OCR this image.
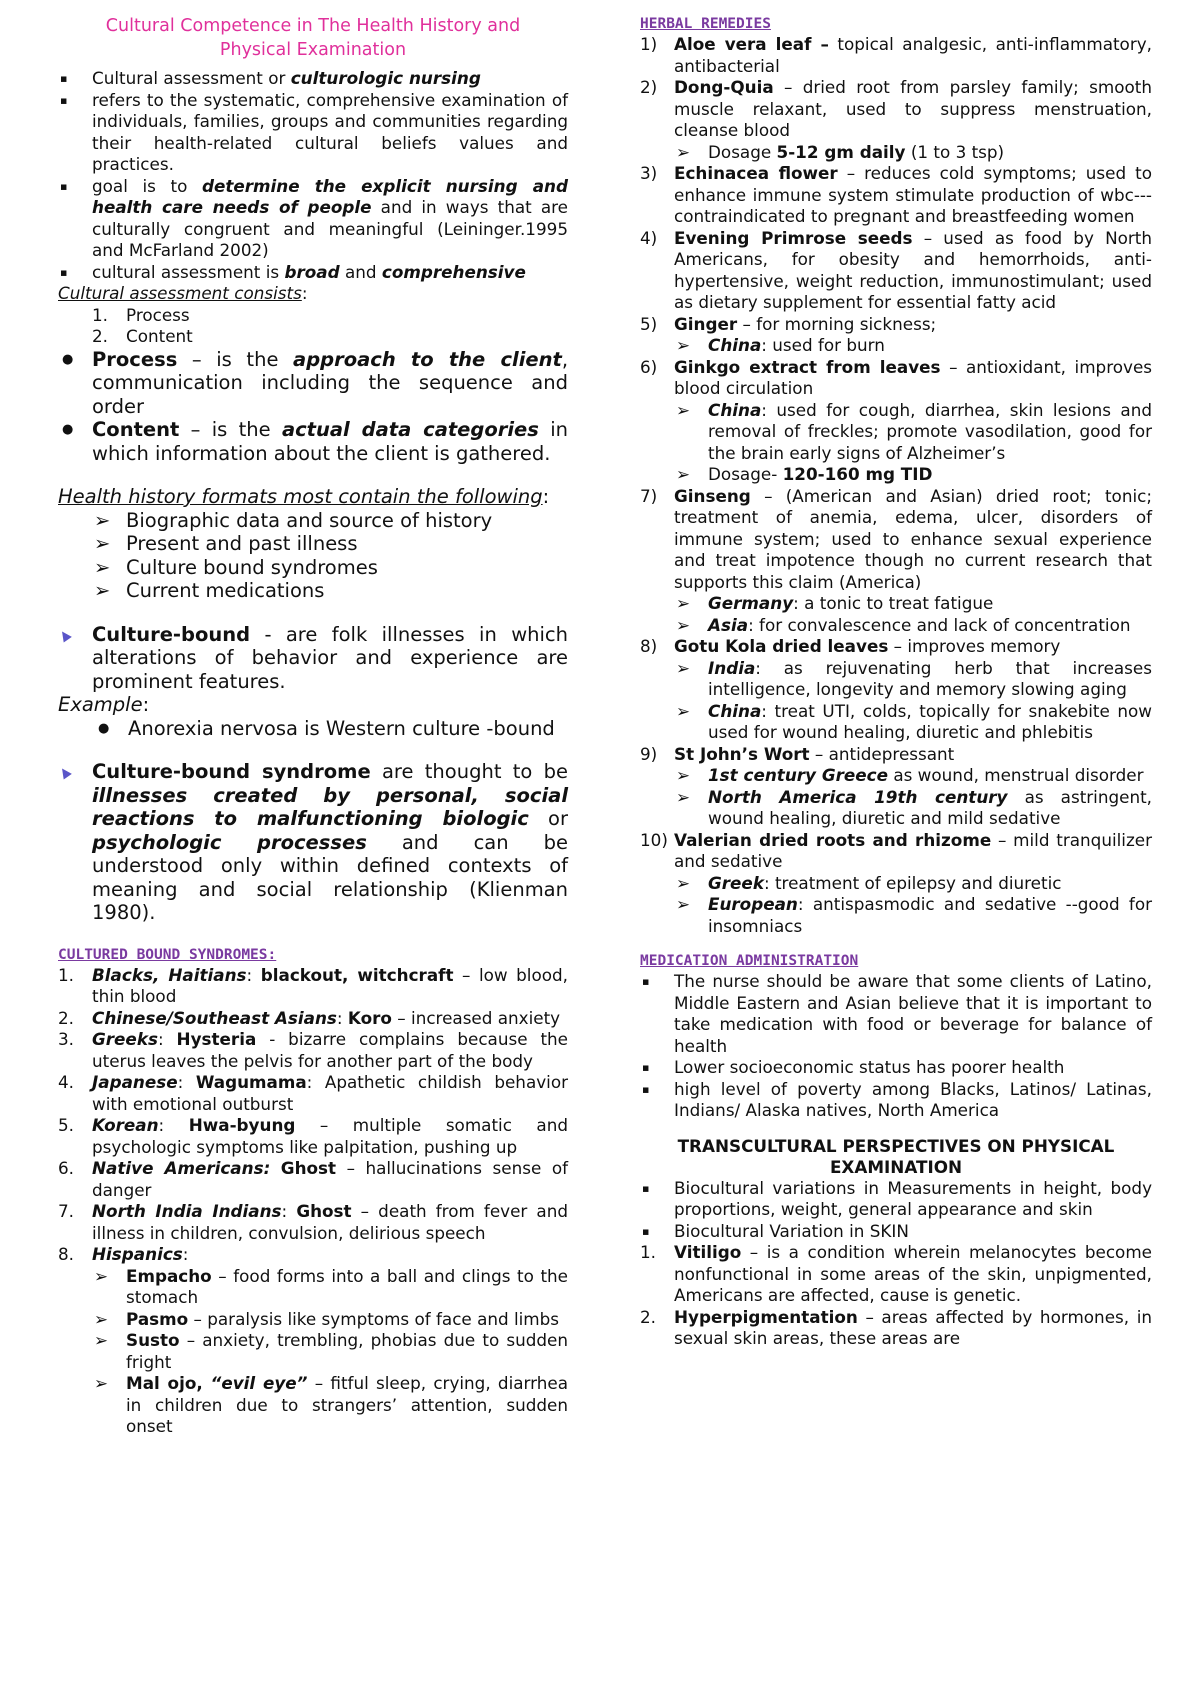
Cultural Competence in The Health History and
Physical Examination

▪ Cultural assessment or culturologic nursing
▪ refers to the systematic, comprehensive examination of individuals, families, groups and communities regarding their health-related cultural beliefs values and practices.
▪ goal is to determine the explicit nursing and health care needs of people and in ways that are culturally congruent and meaningful (Leininger.1995 and McFarland 2002)
▪ cultural assessment is broad and comprehensive

Cultural assessment consists:

1. Process
2. Content
● Process – is the approach to the client, communication including the sequence and order
● Content – is the actual data categories in which information about the client is gathered.

Health history formats most contain the following:

➢ Biographic data and source of history
➢ Present and past illness
➢ Culture bound syndromes
➢ Current medications
▲ Culture-bound - are folk illnesses in which alterations of behavior and experience are prominent features.

Example:

● Anorexia nervosa is Western culture -bound
▲ Culture-bound syndrome are thought to be illnesses created by personal, social reactions to malfunctioning biologic or psychologic processes and can be understood only within defined contexts of meaning and social relationship (Klienman 1980).

CULTURED BOUND SYNDROMES:

1. Blacks, Haitians: blackout, witchcraft – low blood, thin blood
2. Chinese/Southeast Asians: Koro – increased anxiety
3. Greeks: Hysteria - bizarre complains because the uterus leaves the pelvis for another part of the body
4. Japanese: Wagumama: Apathetic childish behavior with emotional outburst
5. Korean: Hwa-byung – multiple somatic and psychologic symptoms like palpitation, pushing up
6. Native Americans: Ghost – hallucinations sense of danger
7. North India Indians: Ghost – death from fever and illness in children, convulsion, delirious speech
8. Hispanics:
➢ Empacho – food forms into a ball and clings to the stomach
➢ Pasmo – paralysis like symptoms of face and limbs
➢ Susto – anxiety, trembling, phobias due to sudden fright
➢ Mal ojo, “evil eye” – fitful sleep, crying, diarrhea in children due to strangers’ attention, sudden onset

HERBAL REMEDIES

1) Aloe vera leaf – topical analgesic, anti-inflammatory, antibacterial
2) Dong-Quia – dried root from parsley family; smooth muscle relaxant, used to suppress menstruation, cleanse blood
➢ Dosage 5-12 gm daily (1 to 3 tsp)
3) Echinacea flower – reduces cold symptoms; used to enhance immune system stimulate production of wbc---contraindicated to pregnant and breastfeeding women
4) Evening Primrose seeds – used as food by North Americans, for obesity and hemorrhoids, anti-hypertensive, weight reduction, immunostimulant; used as dietary supplement for essential fatty acid
5) Ginger – for morning sickness;
➢ China: used for burn
6) Ginkgo extract from leaves – antioxidant, improves blood circulation
➢ China: used for cough, diarrhea, skin lesions and removal of freckles; promote vasodilation, good for the brain early signs of Alzheimer’s
➢ Dosage- 120-160 mg TID
7) Ginseng – (American and Asian) dried root; tonic; treatment of anemia, edema, ulcer, disorders of immune system; used to enhance sexual experience and treat impotence though no current research that supports this claim (America)
➢ Germany: a tonic to treat fatigue
➢ Asia: for convalescence and lack of concentration
8) Gotu Kola dried leaves – improves memory
➢ India: as rejuvenating herb that increases intelligence, longevity and memory slowing aging
➢ China: treat UTI, colds, topically for snakebite now used for wound healing, diuretic and phlebitis
9) St John’s Wort – antidepressant
➢ 1st century Greece as wound, menstrual disorder
➢ North America 19th century as astringent, wound healing, diuretic and mild sedative
10) Valerian dried roots and rhizome – mild tranquilizer and sedative
➢ Greek: treatment of epilepsy and diuretic
➢ European: antispasmodic and sedative --good for insomniacs

MEDICATION ADMINISTRATION

▪ The nurse should be aware that some clients of Latino, Middle Eastern and Asian believe that it is important to take medication with food or beverage for balance of health
▪ Lower socioeconomic status has poorer health
▪ high level of poverty among Blacks, Latinos/ Latinas, Indians/ Alaska natives, North America

TRANSCULTURAL PERSPECTIVES ON PHYSICAL
EXAMINATION

▪ Biocultural variations in Measurements in height, body proportions, weight, general appearance and skin
▪ Biocultural Variation in SKIN
1. Vitiligo – is a condition wherein melanocytes become nonfunctional in some areas of the skin, unpigmented, Americans are affected, cause is genetic.
2. Hyperpigmentation – areas affected by hormones, in sexual skin areas, these areas are
